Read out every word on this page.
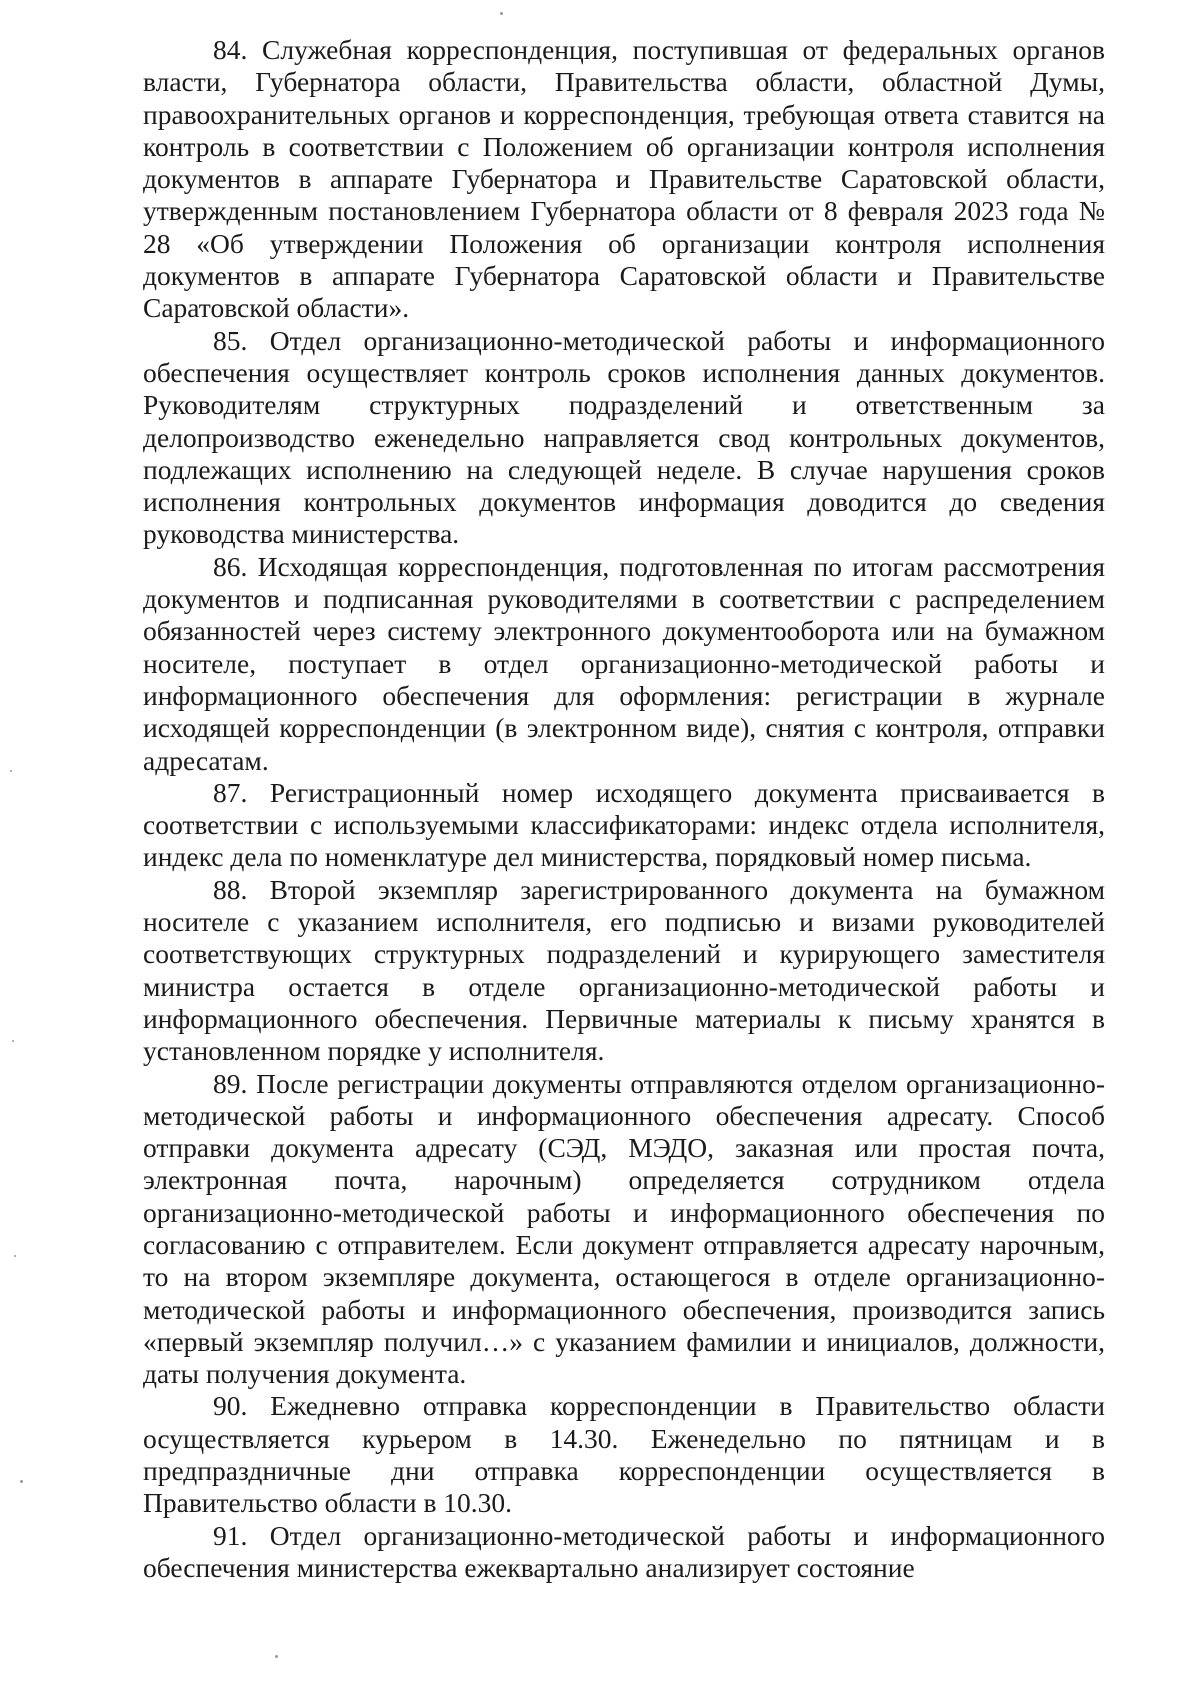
84. Служебная корреспонденция, поступившая от федеральных органов власти, Губернатора области, Правительства области, областной Думы, правоохранительных органов и корреспонденция, требующая ответа ставится на контроль в соответствии с Положением об организации контроля исполнения документов в аппарате Губернатора и Правительстве Саратовской области, утвержденным постановлением Губернатора области от 8 февраля 2023 года № 28 «Об утверждении Положения об организации контроля исполнения документов в аппарате Губернатора Саратовской области и Правительстве Саратовской области».

85. Отдел организационно-методической работы и информационного обеспечения осуществляет контроль сроков исполнения данных документов. Руководителям структурных подразделений и ответственным за делопроизводство еженедельно направляется свод контрольных документов, подлежащих исполнению на следующей неделе. В случае нарушения сроков исполнения контрольных документов информация доводится до сведения руководства министерства.

86. Исходящая корреспонденция, подготовленная по итогам рассмотрения документов и подписанная руководителями в соответствии с распределением обязанностей через систему электронного документооборота или на бумажном носителе, поступает в отдел организационно-методической работы и информационного обеспечения для оформления: регистрации в журнале исходящей корреспонденции (в электронном виде), снятия с контроля, отправки адресатам.

87. Регистрационный номер исходящего документа присваивается в соответствии с используемыми классификаторами: индекс отдела исполнителя, индекс дела по номенклатуре дел министерства, порядковый номер письма.

88. Второй экземпляр зарегистрированного документа на бумажном носителе с указанием исполнителя, его подписью и визами руководителей соответствующих структурных подразделений и курирующего заместителя министра остается в отделе организационно-методической работы и информационного обеспечения. Первичные материалы к письму хранятся в установленном порядке у исполнителя.

89. После регистрации документы отправляются отделом организационно-методической работы и информационного обеспечения адресату. Способ отправки документа адресату (СЭД, МЭДО, заказная или простая почта, электронная почта, нарочным) определяется сотрудником отдела организационно-методической работы и информационного обеспечения по согласованию с отправителем. Если документ отправляется адресату нарочным, то на втором экземпляре документа, остающегося в отделе организационно-методической работы и информационного обеспечения, производится запись «первый экземпляр получил…» с указанием фамилии и инициалов, должности, даты получения документа.

90. Ежедневно отправка корреспонденции в Правительство области осуществляется курьером в 14.30. Еженедельно по пятницам и в предпраздничные дни отправка корреспонденции осуществляется в Правительство области в 10.30.

91. Отдел организационно-методической работы и информационного обеспечения министерства ежеквартально анализирует состояние
